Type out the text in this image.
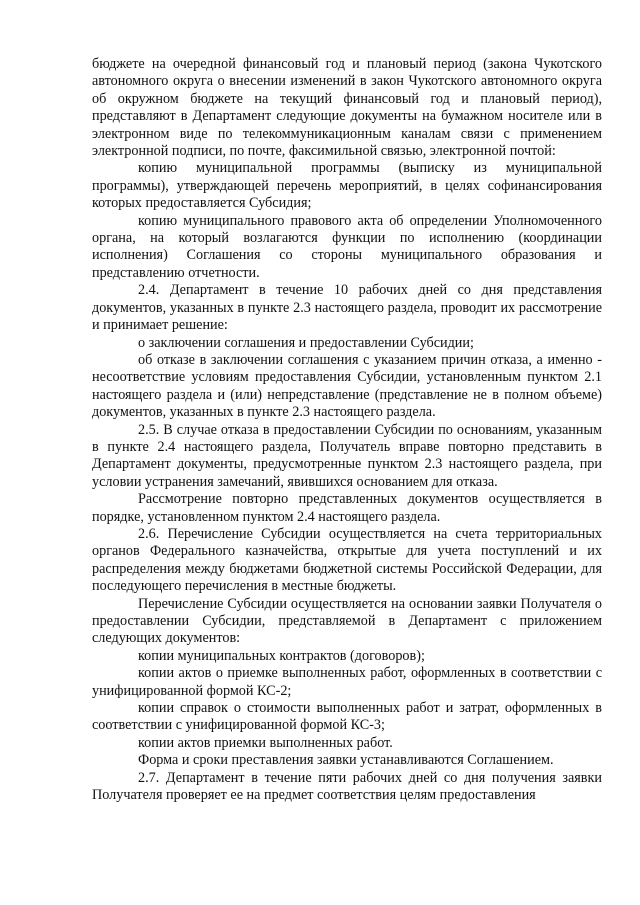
бюджете на очередной финансовый год и плановый период (закона Чукотского автономного округа о внесении изменений в закон Чукотского автономного округа об окружном бюджете на текущий финансовый год и плановый период), представляют в Департамент следующие документы на бумажном носителе или в электронном виде по телекоммуникационным каналам связи с применением электронной подписи, по почте, факсимильной связью, электронной почтой:

копию муниципальной программы (выписку из муниципальной программы), утверждающей перечень мероприятий, в целях софинансирования которых предоставляется Субсидия;

копию муниципального правового акта об определении Уполномоченного органа, на который возлагаются функции по исполнению (координации исполнения) Соглашения со стороны муниципального образования и представлению отчетности.

2.4. Департамент в течение 10 рабочих дней со дня представления документов, указанных в пункте 2.3 настоящего раздела, проводит их рассмотрение и принимает решение:

о заключении соглашения и предоставлении Субсидии;

об отказе в заключении соглашения с указанием причин отказа, а именно - несоответствие условиям предоставления Субсидии, установленным пунктом 2.1 настоящего раздела и (или) непредставление (представление не в полном объеме) документов, указанных в пункте 2.3 настоящего раздела.

2.5. В случае отказа в предоставлении Субсидии по основаниям, указанным в пункте 2.4 настоящего раздела, Получатель вправе повторно представить в Департамент документы, предусмотренные пунктом 2.3 настоящего раздела, при условии устранения замечаний, явившихся основанием для отказа.

Рассмотрение повторно представленных документов осуществляется в порядке, установленном пунктом 2.4 настоящего раздела.

2.6. Перечисление Субсидии осуществляется на счета территориальных органов Федерального казначейства, открытые для учета поступлений и их распределения между бюджетами бюджетной системы Российской Федерации, для последующего перечисления в местные бюджеты.

Перечисление Субсидии осуществляется на основании заявки Получателя о предоставлении Субсидии, представляемой в Департамент с приложением следующих документов:

копии муниципальных контрактов (договоров);

копии актов о приемке выполненных работ, оформленных в соответствии с унифицированной формой КС-2;

копии справок о стоимости выполненных работ и затрат, оформленных в соответствии с унифицированной формой КС-3;

копии актов приемки выполненных работ.

Форма и сроки преставления заявки устанавливаются Соглашением.

2.7. Департамент в течение пяти рабочих дней со дня получения заявки Получателя проверяет ее на предмет соответствия целям предоставления
